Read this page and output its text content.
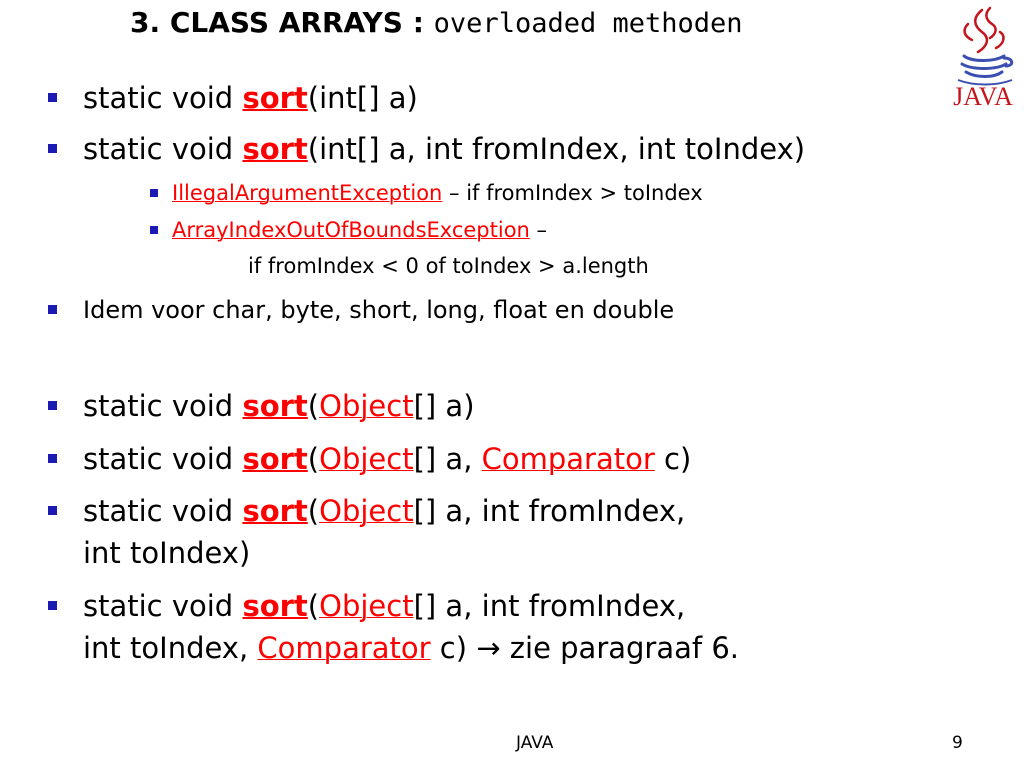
3. CLASS ARRAYS : overloaded methoden
JAVA
static void sort(int[] a)
static void sort(int[] a, int fromIndex, int toIndex)
IllegalArgumentException – if fromIndex > toIndex
ArrayIndexOutOfBoundsException –
if fromIndex < 0 of toIndex > a.length
Idem voor char, byte, short, long, float en double
static void sort(Object[] a)
static void sort(Object[] a, Comparator c)
static void sort(Object[] a, int fromIndex,
int toIndex)
static void sort(Object[] a, int fromIndex,
int toIndex, Comparator c) → zie paragraaf 6.
JAVA	9
